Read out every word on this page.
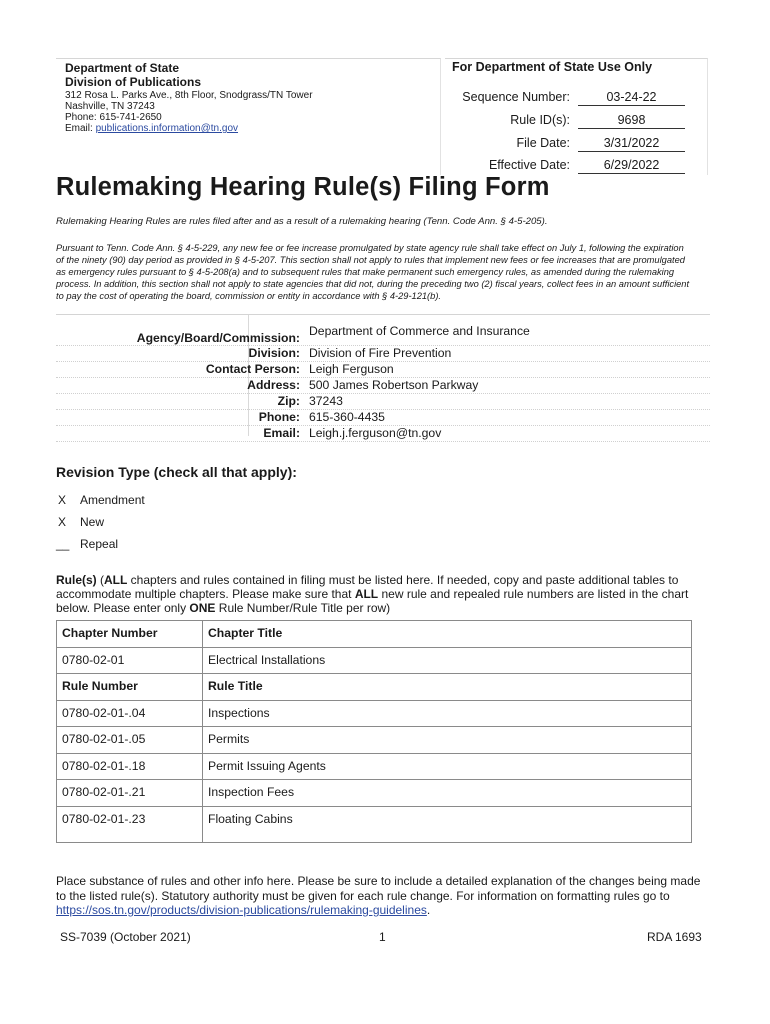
Department of State
Division of Publications
312 Rosa L. Parks Ave., 8th Floor, Snodgrass/TN Tower
Nashville, TN 37243
Phone: 615-741-2650
Email: publications.information@tn.gov
For Department of State Use Only
Sequence Number:	03-24-22
Rule ID(s):	9698
File Date:	3/31/2022
Effective Date:	6/29/2022
Rulemaking Hearing Rule(s) Filing Form
Rulemaking Hearing Rules are rules filed after and as a result of a rulemaking hearing (Tenn. Code Ann. § 4-5-205).
Pursuant to Tenn. Code Ann. § 4-5-229, any new fee or fee increase promulgated by state agency rule shall take effect on July 1, following the expiration
of the ninety (90) day period as provided in § 4-5-207. This section shall not apply to rules that implement new fees or fee increases that are promulgated
as emergency rules pursuant to § 4-5-208(a) and to subsequent rules that make permanent such emergency rules, as amended during the rulemaking
process. In addition, this section shall not apply to state agencies that did not, during the preceding two (2) fiscal years, collect fees in an amount sufficient
to pay the cost of operating the board, commission or entity in accordance with § 4-29-121(b).
Agency/Board/Commission: Department of Commerce and Insurance
Division: Division of Fire Prevention
Contact Person: Leigh Ferguson
Address: 500 James Robertson Parkway
Zip: 37243
Phone: 615-360-4435
Email: Leigh.j.ferguson@tn.gov
Revision Type (check all that apply):
X Amendment
X New
__ Repeal
Rule(s) (ALL chapters and rules contained in filing must be listed here. If needed, copy and paste additional tables to
accommodate multiple chapters. Please make sure that ALL new rule and repealed rule numbers are listed in the chart
below. Please enter only ONE Rule Number/Rule Title per row)
Chapter Number	Chapter Title
0780-02-01	Electrical Installations
Rule Number	Rule Title
0780-02-01-.04	Inspections
0780-02-01-.05	Permits
0780-02-01-.18	Permit Issuing Agents
0780-02-01-.21	Inspection Fees
0780-02-01-.23	Floating Cabins
Place substance of rules and other info here. Please be sure to include a detailed explanation of the changes being made
to the listed rule(s). Statutory authority must be given for each rule change. For information on formatting rules go to
https://sos.tn.gov/products/division-publications/rulemaking-guidelines.
SS-7039 (October 2021)	1	RDA 1693
